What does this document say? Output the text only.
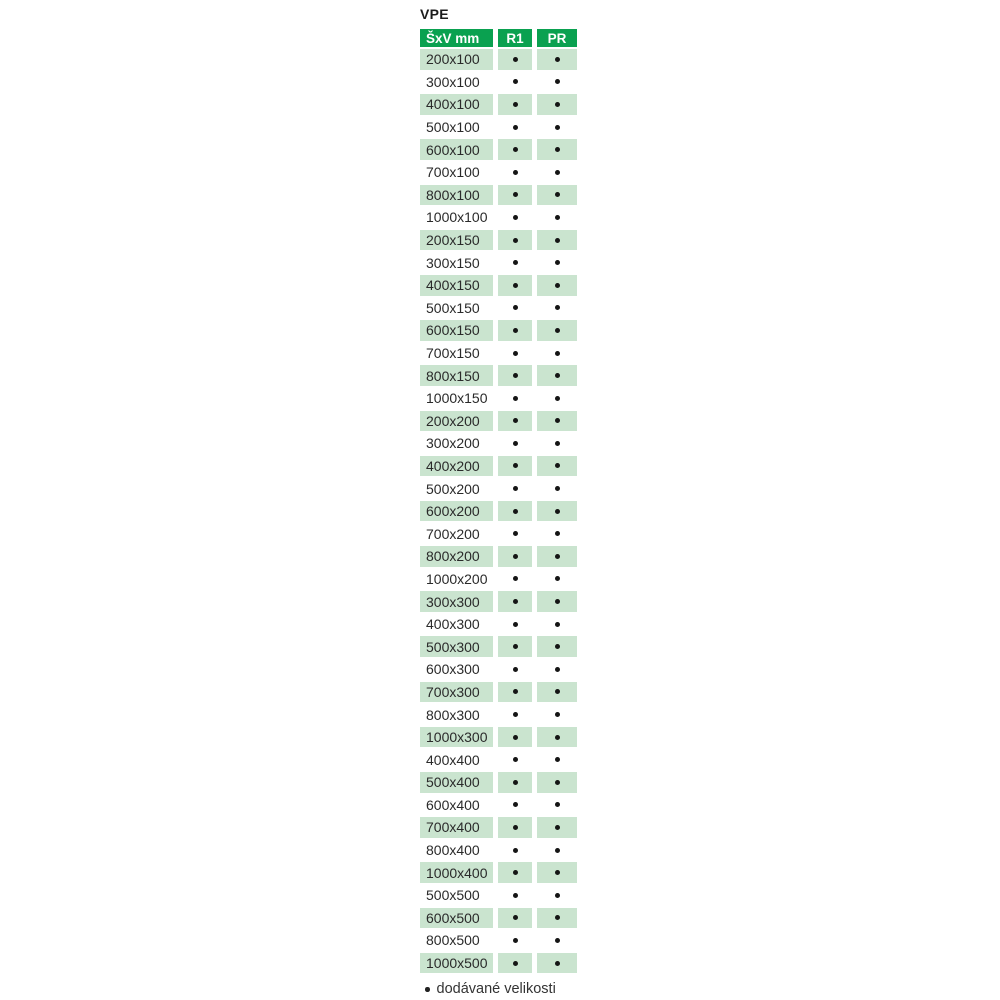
VPE
ŠxV mm	R1	PR
200x100
300x100
400x100
500x100
600x100
700x100
800x100
1000x100
200x150
300x150
400x150
500x150
600x150
700x150
800x150
1000x150
200x200
300x200
400x200
500x200
600x200
700x200
800x200
1000x200
300x300
400x300
500x300
600x300
700x300
800x300
1000x300
400x400
500x400
600x400
700x400
800x400
1000x400
500x500
600x500
800x500
1000x500
dodávané velikosti
